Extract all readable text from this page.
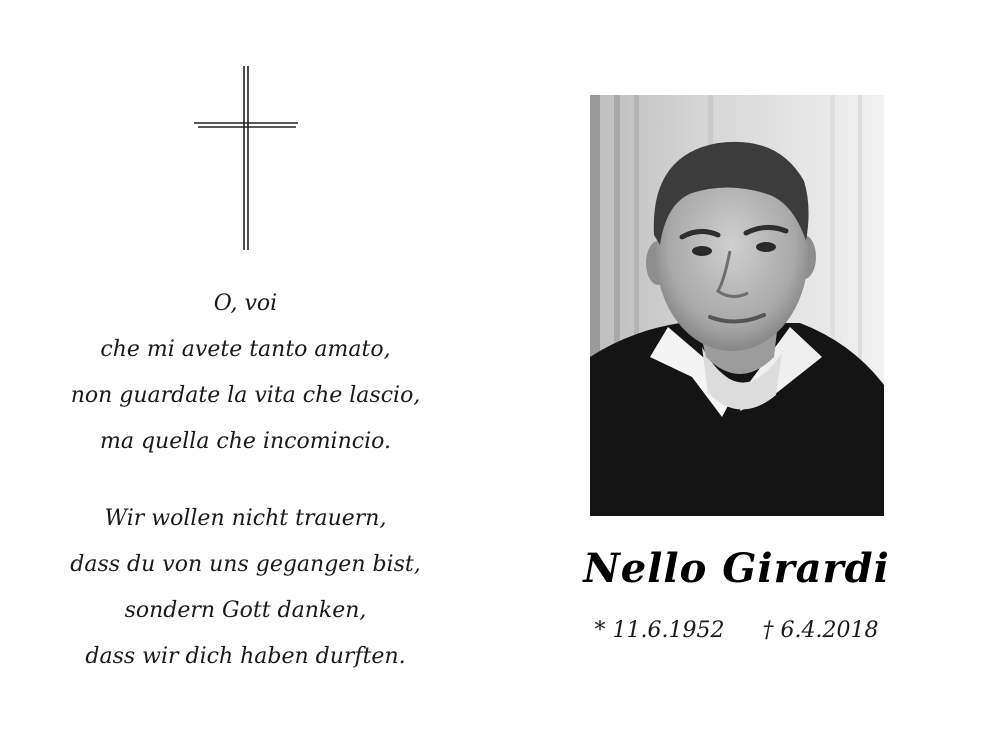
O, voi
che mi avete tanto amato,
non guardate la vita che lascio,
ma quella che incomincio.
Wir wollen nicht trauern,
dass du von uns gegangen bist,
sondern Gott danken,
dass wir dich haben durften.
Nello Girardi
* 11.6.1952 † 6.4.2018
